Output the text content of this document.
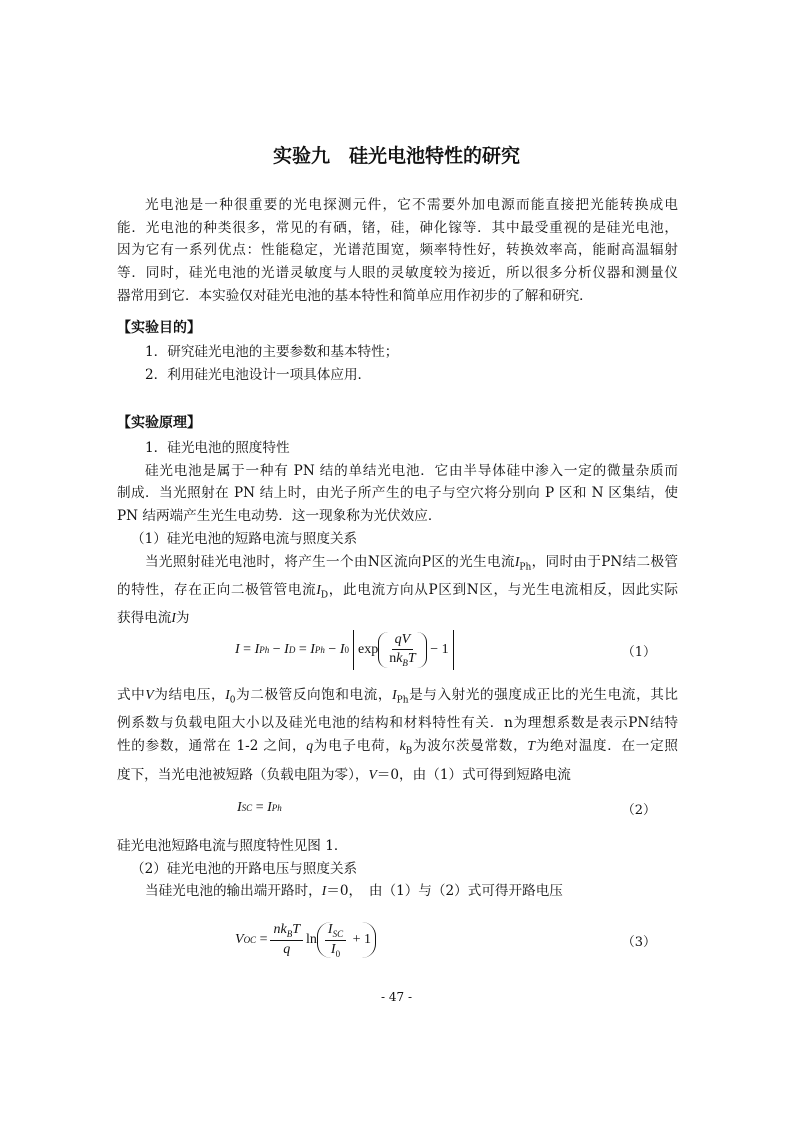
实验九　硅光电池特性的研究
光电池是一种很重要的光电探测元件，它不需要外加电源而能直接把光能转换成电
能．光电池的种类很多，常见的有硒，锗，硅，砷化镓等．其中最受重视的是硅光电池，
因为它有一系列优点：性能稳定，光谱范围宽，频率特性好，转换效率高，能耐高温辐射
等．同时，硅光电池的光谱灵敏度与人眼的灵敏度较为接近，所以很多分析仪器和测量仪
器常用到它．本实验仅对硅光电池的基本特性和简单应用作初步的了解和研究．
【实验目的】
1．研究硅光电池的主要参数和基本特性；
2．利用硅光电池设计一项具体应用．
【实验原理】
1．硅光电池的照度特性
硅光电池是属于一种有 PN 结的单结光电池．它由半导体硅中渗入一定的微量杂质而
制成．当光照射在 PN 结上时，由光子所产生的电子与空穴将分别向 P 区和 N 区集结，使
PN 结两端产生光生电动势．这一现象称为光伏效应．
（1）硅光电池的短路电流与照度关系
当光照射硅光电池时，将产生一个由N区流向P区的光生电流$I_{Ph}$，同时由于PN结二极管
的特性，存在正向二极管管电流$I_D$，此电流方向从P区到N区，与光生电流相反，因此实际
获得电流I为
I
=
I Ph
−
I D
=
I Ph
−
I 0 $\exp \frac{qV}{nk_BT}$
−
1	（1）
式中V为结电压，$I_0$为二极管反向饱和电流，$I_{Ph}$是与入射光的强度成正比的光生电流，其比
例系数与负载电阻大小以及硅光电池的结构和材料特性有关．n为理想系数是表示PN结特
性的参数，通常在 1-2 之间，q为电子电荷，$k_B$为波尔茨曼常数，T为绝对温度．在一定照
度下，当光电池被短路（负载电阻为零），V＝0，由（1）式可得到短路电流
I SC
=
I Ph	（2）
硅光电池短路电流与照度特性见图 1．
（2）硅光电池的开路电压与照度关系
当硅光电池的输出端开路时，I＝0，　由（1）与（2）式可得开路电压
V OC
= $\frac{nk_BT}{q}$ $\ln \frac{I_{SC}}{I_0}$
+
1	（3）
- 47 -
